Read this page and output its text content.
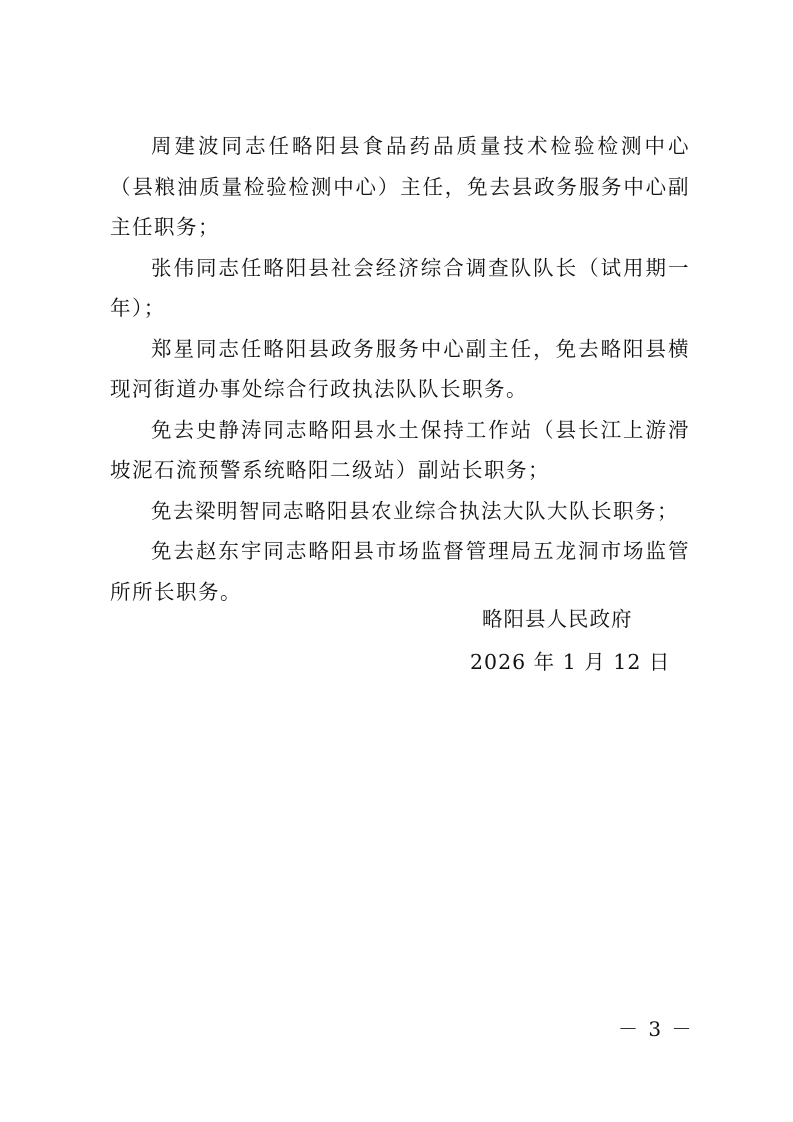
周建波同志任略阳县食品药品质量技术检验检测中心（县粮油质量检验检测中心）主任，免去县政务服务中心副主任职务；

张伟同志任略阳县社会经济综合调查队队长（试用期一年）；

郑星同志任略阳县政务服务中心副主任，免去略阳县横现河街道办事处综合行政执法队队长职务。

免去史静涛同志略阳县水土保持工作站（县长江上游滑坡泥石流预警系统略阳二级站）副站长职务；

免去梁明智同志略阳县农业综合执法大队大队长职务；

免去赵东宇同志略阳县市场监督管理局五龙洞市场监管所所长职务。

略阳县人民政府
2026 年 1 月 12 日
－ 3 －
